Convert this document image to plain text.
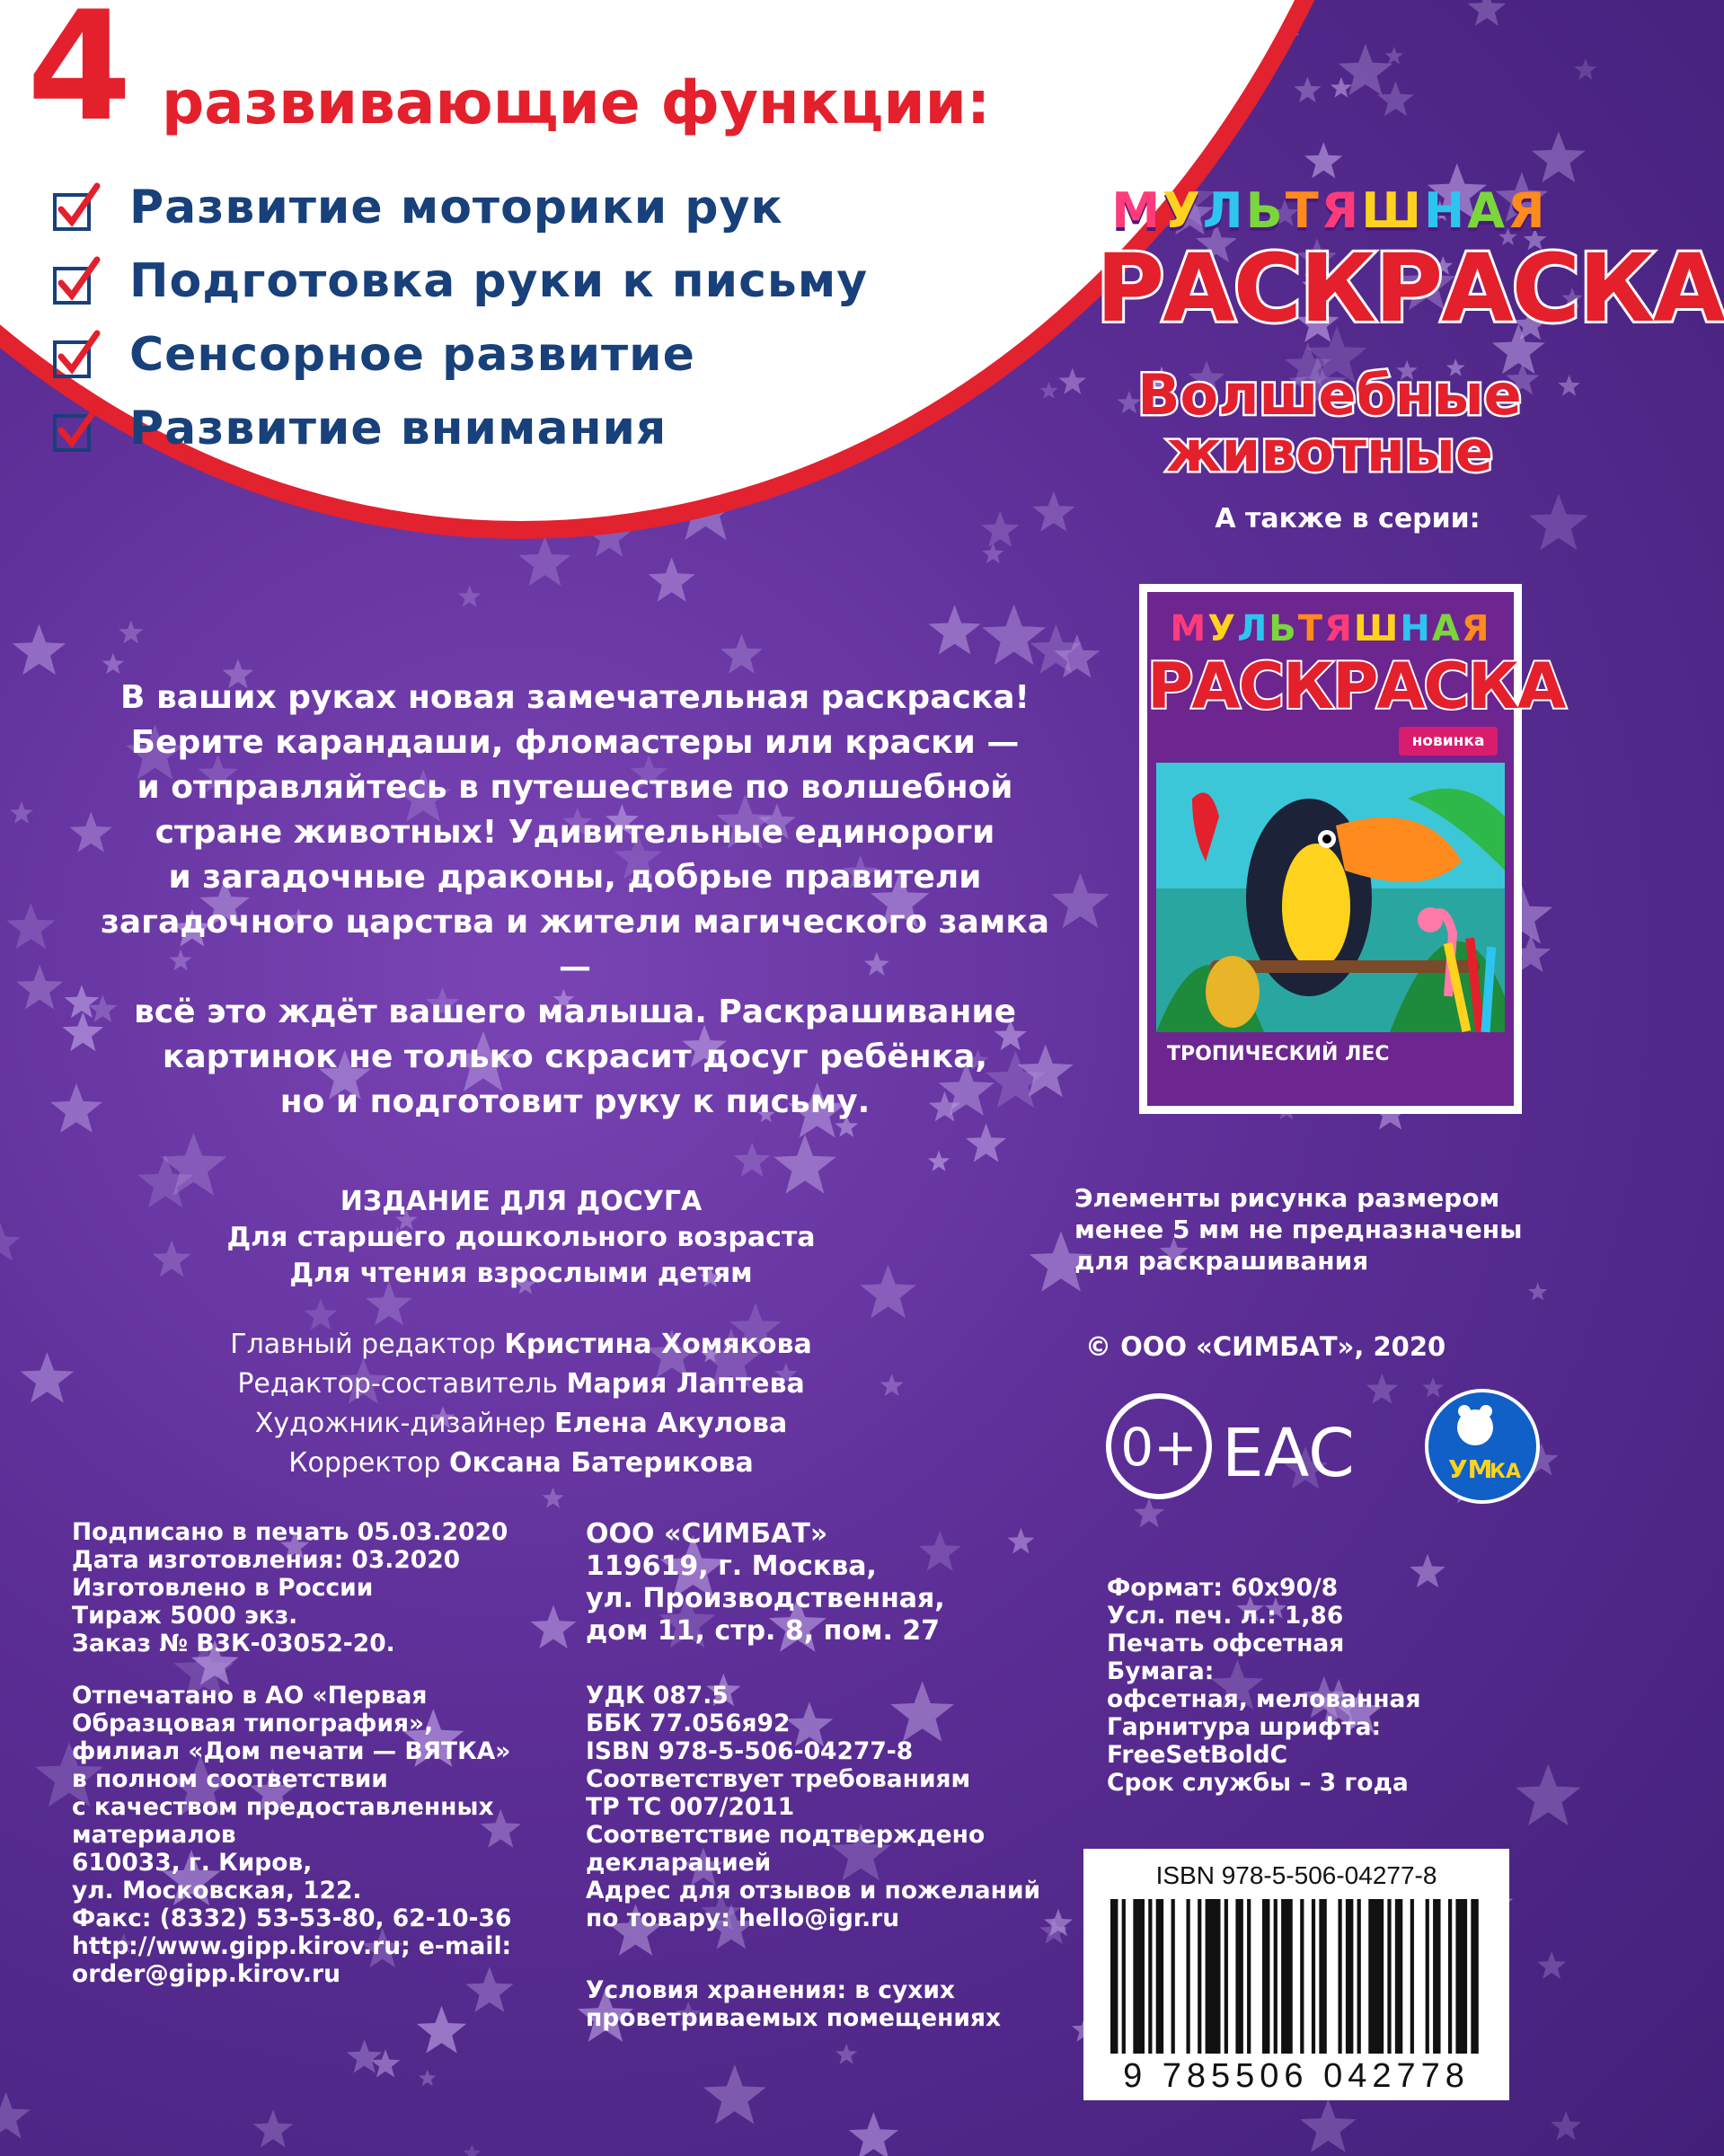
4 развивающие функции:
Развитие моторики рук
Подготовка руки к письму
Сенсорное развитие
Развитие внимания
МУЛЬТЯШНАЯ
РАСКРАСКА
Волшебные
животные
А также в серии:
МУЛЬТЯШНАЯ
РАСКРАСКА
новинка
ТРОПИЧЕСКИЙ ЛЕС
В ваших руках новая замечательная раскраска!
Берите карандаши, фломастеры или краски —
и отправляйтесь в путешествие по волшебной
стране животных! Удивительные единороги
и загадочные драконы, добрые правители
загадочного царства и жители магического замка—
всё это ждёт вашего малыша. Раскрашивание
картинок не только скрасит досуг ребёнка,
но и подготовит руку к письму.
ИЗДАНИЕ ДЛЯ ДОСУГА
Для старшего дошкольного возраста
Для чтения взрослыми детям
Главный редактор Кристина Хомякова
Редактор-составитель Мария Лаптева
Художник-дизайнер Елена Акулова
Корректор Оксана Батерикова
Элементы рисунка размером
менее 5 мм не предназначены
для раскрашивания
© ООО «СИМБАТ», 2020
0+ EAC	УМ
КА
Подписано в печать 05.03.2020
Дата изготовления: 03.2020
Изготовлено в России
Тираж 5000 экз.
Заказ № В3К-03052-20.
Отпечатано в АО «Первая
Образцовая типография»,
филиал «Дом печати — ВЯТКА»
в полном соответствии
с качеством предоставленных
материалов
610033, г. Киров,
ул. Московская, 122.
Факс: (8332) 53-53-80, 62-10-36
http://www.gipp.kirov.ru; e-mail:
order@gipp.kirov.ru
ООО «СИМБАТ»
119619, г. Москва,
ул. Производственная,
дом 11, стр. 8, пом. 27
УДК 087.5
ББК 77.056я92
ISBN 978-5-506-04277-8
Соответствует требованиям
ТР ТС 007/2011
Соответствие подтверждено
декларацией
Адрес для отзывов и пожеланий
по товару: hello@igr.ru
Условия хранения: в сухих
проветриваемых помещениях
Формат: 60х90/8
Усл. печ. л.: 1,86
Печать офсетная
Бумага:
офсетная, мелованная
Гарнитура шрифта:
FreeSetBoldC
Срок службы – 3 года
ISBN 978-5-506-04277-8
9 785506 042778
